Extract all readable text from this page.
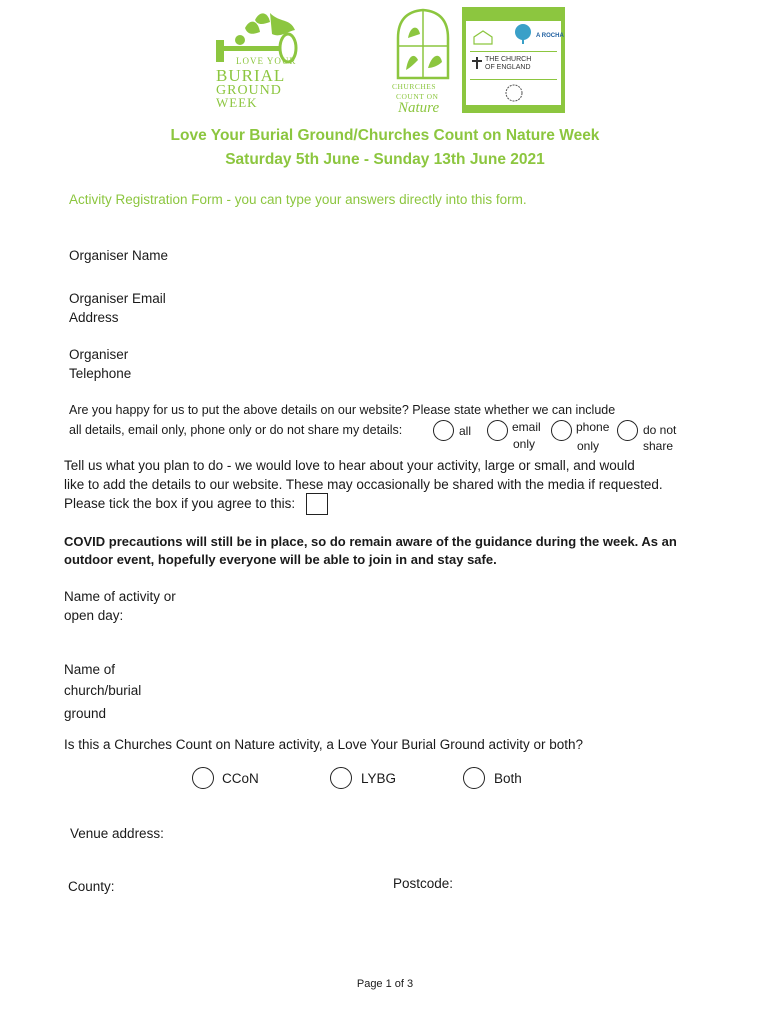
LOVE YOUR
BURIAL
GROUND
WEEK
CHURCHES
COUNT ON
Nature
A ROCHA
THE CHURCH
OF ENGLAND
Love Your Burial Ground/Churches Count on Nature Week
Saturday 5th June - Sunday 13th June 2021
Activity Registration Form - you can type your answers directly into this form.
Organiser Name
Organiser Email
Address
Organiser
Telephone
Are you happy for us to put the above details on our website? Please state whether we can include
all details, email only, phone only or do not share my details:	all	email
only
phone
only
do not
share
Tell us what you plan to do - we would love to hear about your activity, large or small, and would
like to add the details to our website. These may occasionally be shared with the media if requested.
Please tick the box if you agree to this:
COVID precautions will still be in place, so do remain aware of the guidance during the week. As an
outdoor event, hopefully everyone will be able to join in and stay safe.
Name of activity or
open day:
Name of
church/burial
ground
Is this a Churches Count on Nature activity, a Love Your Burial Ground activity or both?
CCoN	LYBG	Both
Venue address:
County:	Postcode:
Page 1 of 3
